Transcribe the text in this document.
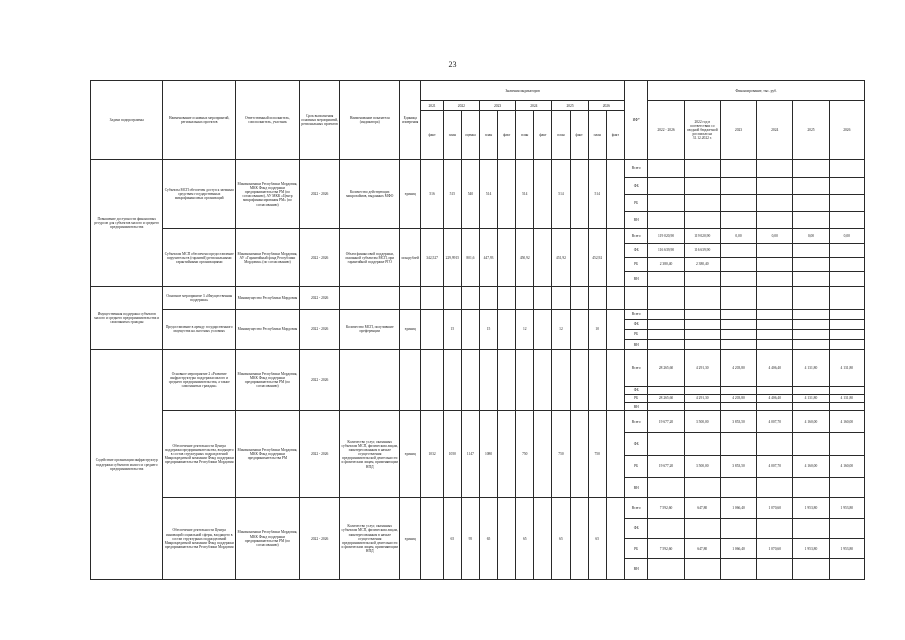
23
Задачи подпрограммы	Наименование основных мероприятий, региональных проектов	Ответственный исполнитель, соисполнитель, участник	Срок выполнения основных мероприятий, региональных проектов	Наименование показателя (индикатора)	Единица измерения	Значения индикаторов											ИФ*	Финансирование, тыс. руб.					
						2021	2022		2023		2024		2025		2026			2022 - 2026	2022 год в соответствии со сводной бюджетной росписью на 31.12.2022 г.	2023	2024	2025	2026
						факт	план	оценка	план	факт	план	факт	план	факт	план	факт							
Повышение доступности финансовых ресурсов для субъектов малого и среднего предпринимательства	Субъекты МСП обеспечен доступ к заемным средствам государственных микрофинансовых организаций	Минэкономики Республики Мордовия, МКК Фонд поддержки предпринимательства РМ (по согласованию), АУ МКК «Центр микрофинансирования РМ» (по согласованию)	2022 - 2026	Количество действующих микрозаймов, выданных МФО	единиц	516	515	540	514		514		514		514		Всего						
																	ФБ						
																	РБ						
																	ВН						
	Субъектам МСП обеспечено предоставление поручительств (гарантий) региональными гарантийными организациями	Минэкономики Республики Мордовия, АУ «Гарантийный фонд Республики Мордовия» (по согласованию)	2022 - 2026	Объем финансовой поддержки, оказанной субъектам МСП, при гарантийной поддержке РГО	млн.рублей	342,527	229,9915	801,6	447,93		450,92		451,92		452,92		Всего	119 020,90	119 020,90	0,00	0,00	0,00	0,00
																	ФБ	116 639,90	116 639,90				
																	РБ	2 380,40	2 380,40				
																	ВН						
Имущественная поддержка субъектов малого и среднего предпринимательства и самозанятых граждан	Основное мероприятие 3 «Имущественная поддержка»	Минимущество Республики Мордовия	2022 - 2026																				
	Предоставление в аренду государственного имущества на льготных условиях	Минимущество Республики Мордовия	2022 - 2026	Количество МСП, получившие преференции	единиц		15		15		12		12		10		Всего						
																	ФБ						
																	РБ						
																	ВН						
Содействие организации инфраструктур поддержки субъектов малого и среднего предпринимательства	Основное мероприятие 2 «Развитие инфраструктуры поддержки малого и среднего предпринимательства, а также самозанятых граждан»	Минэкономики Республики Мордовия, МКК Фонд поддержки предпринимательства РМ (по согласованию)	2022 - 2026														Всего	28 265,60	4 291,30	4 203,80	4 406,40	4 131,80	4 131,80
																	ФБ						
																	РБ	28 265,60	4 291,30	4 203,80	4 406,40	4 131,80	4 131,80
																	ВН						
	Обеспечение деятельности Центра поддержки предпринимательства, входящего в состав структурных подразделений Микрокредитной компании Фонд поддержки предпринимательства Республики Мордовия	Минэкономики Республики Мордовия, МКК Фонд поддержки предпринимательства РМ	2022 - 2026	Количество услуг, оказанных субъектам МСП, физическим лицам, заинтересованным в начале осуществления предпринимательской деятельности и физическим лицам, применяющим НПД	единиц	1032	1050	1147	1080		750		750		750		Всего	19 677,20	3 500,00	3 853,50	4 007,70	4 160,00	4 160,00
																	ФБ						
																	РБ	19 677,20	3 500,00	3 853,50	4 007,70	4 160,00	4 160,00
																	ВН						
	Обеспечение деятельности Центра инноваций социальной сферы, входящего в состав структурных подразделений Микрокредитной компании Фонд поддержки предпринимательства Республики Мордовия	Минэкономики Республики Мордовия, МКК Фонд поддержки предпринимательства РМ (по согласованию)	2022 - 2026	Количество услуг, оказанных субъектам МСП, физическим лицам, заинтересованным в начале осуществления предпринимательской деятельности и физическим лицам, применяющим НПД	единиц		65	95	65		65		65		65		Всего	7 592,60	647,80	1 066,40	1 070,60	1 953,80	1 953,80
																	ФБ						
																	РБ	7 592,60	647,80	1 066,40	1 070,60	1 953,80	1 953,80
																	ВН						
